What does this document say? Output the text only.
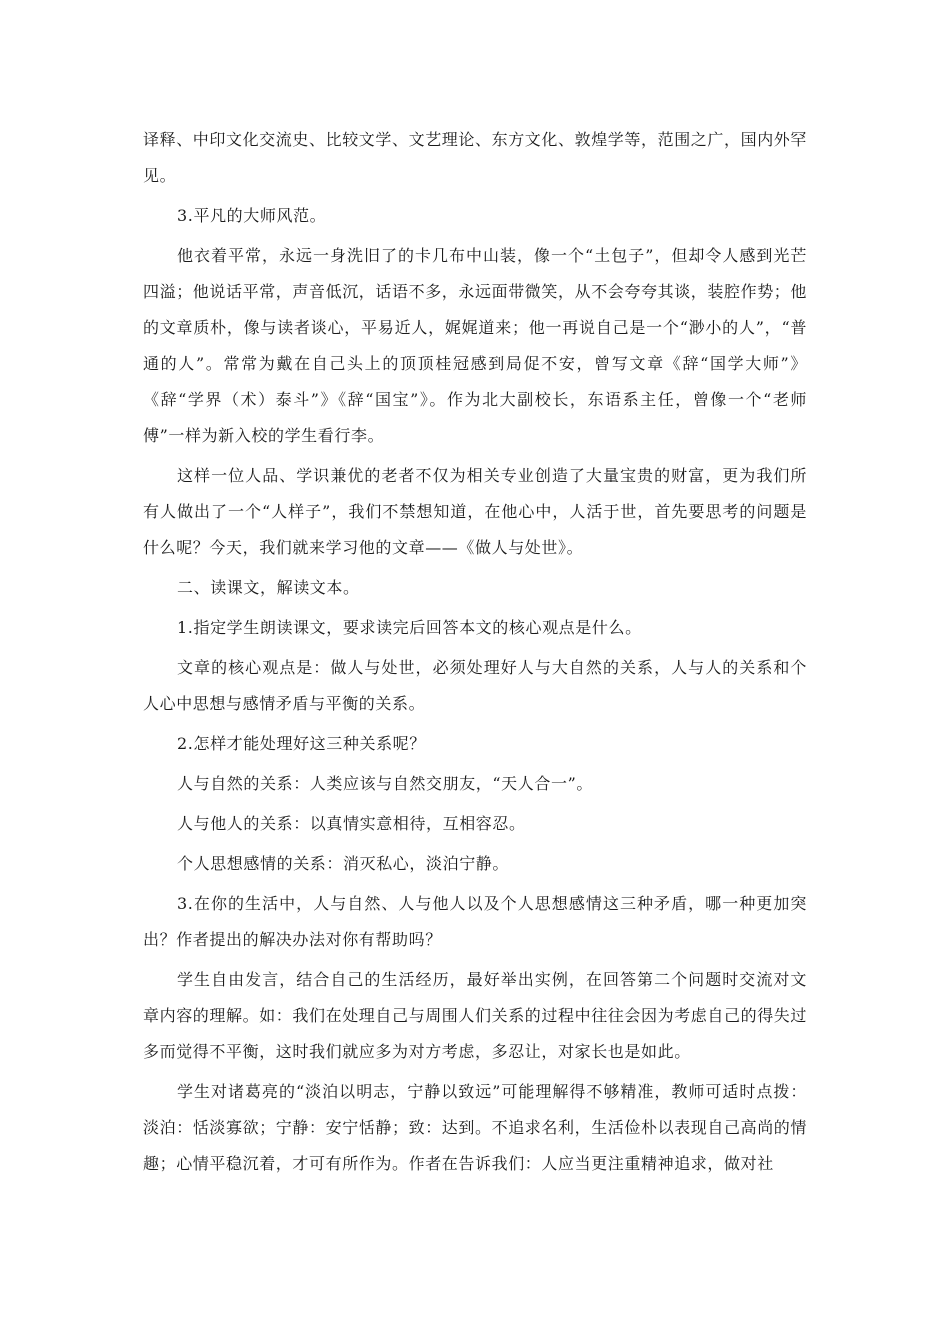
译释、中印文化交流史、比较文学、文艺理论、东方文化、敦煌学等，范围之广，国内外罕见。

3.平凡的大师风范。

他衣着平常，永远一身洗旧了的卡几布中山装，像一个“土包子”，但却令人感到光芒四溢；他说话平常，声音低沉，话语不多，永远面带微笑，从不会夸夸其谈，装腔作势；他的文章质朴，像与读者谈心，平易近人，娓娓道来；他一再说自己是一个“渺小的人”，“普通的人”。常常为戴在自己头上的顶顶桂冠感到局促不安，曾写文章《辞“国学大师”》《辞“学界（术）泰斗”》《辞“国宝”》。作为北大副校长，东语系主任，曾像一个“老师傅”一样为新入校的学生看行李。

这样一位人品、学识兼优的老者不仅为相关专业创造了大量宝贵的财富，更为我们所有人做出了一个“人样子”，我们不禁想知道，在他心中，人活于世，首先要思考的问题是什么呢？今天，我们就来学习他的文章——《做人与处世》。

二、读课文，解读文本。

1.指定学生朗读课文，要求读完后回答本文的核心观点是什么。

文章的核心观点是：做人与处世，必须处理好人与大自然的关系，人与人的关系和个人心中思想与感情矛盾与平衡的关系。

2.怎样才能处理好这三种关系呢？

人与自然的关系：人类应该与自然交朋友，“天人合一”。

人与他人的关系：以真情实意相待，互相容忍。

个人思想感情的关系：消灭私心，淡泊宁静。

3.在你的生活中，人与自然、人与他人以及个人思想感情这三种矛盾，哪一种更加突出？作者提出的解决办法对你有帮助吗？

学生自由发言，结合自己的生活经历，最好举出实例，在回答第二个问题时交流对文章内容的理解。如：我们在处理自己与周围人们关系的过程中往往会因为考虑自己的得失过多而觉得不平衡，这时我们就应多为对方考虑，多忍让，对家长也是如此。

学生对诸葛亮的“淡泊以明志，宁静以致远”可能理解得不够精准，教师可适时点拨：淡泊：恬淡寡欲；宁静：安宁恬静；致：达到。不追求名利，生活俭朴以表现自己高尚的情趣；心情平稳沉着，才可有所作为。作者在告诉我们：人应当更注重精神追求，做对社
